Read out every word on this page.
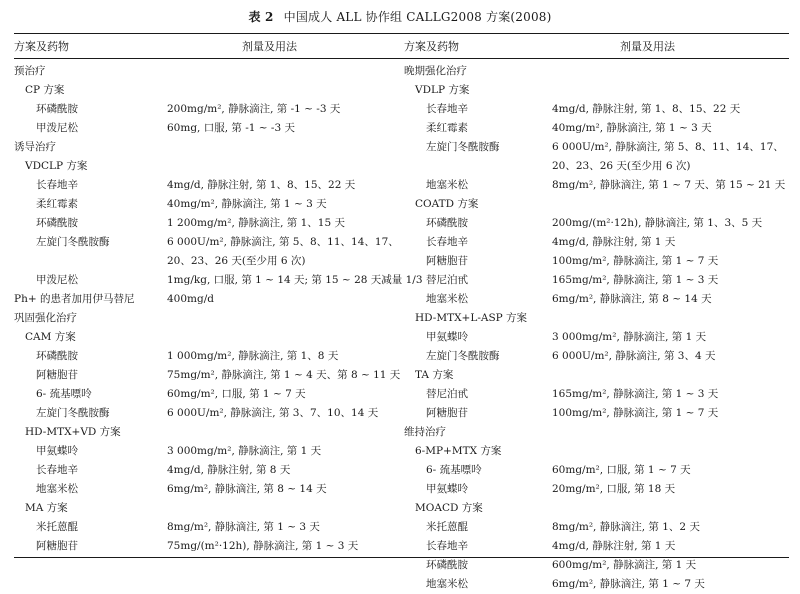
表 2 中国成人 ALL 协作组 CALLG2008 方案(2008)
方案及药物	剂量及用法
预治疗
CP 方案
环磷酰胺	200mg/m², 静脉滴注, 第 -1 ~ -3 天
甲泼尼松	60mg, 口服, 第 -1 ~ -3 天
诱导治疗
VDCLP 方案
长春地辛	4mg/d, 静脉注射, 第 1、8、15、22 天
柔红霉素	40mg/m², 静脉滴注, 第 1 ~ 3 天
环磷酰胺	1 200mg/m², 静脉滴注, 第 1、15 天
左旋门冬酰胺酶	6 000U/m², 静脉滴注, 第 5、8、11、14、17、20、23、26 天(至少用 6 次)
甲泼尼松	1mg/kg, 口服, 第 1 ~ 14 天; 第 15 ~ 28 天减量 1/3
Ph+ 的患者加用伊马替尼	400mg/d
巩固强化治疗
CAM 方案
环磷酰胺	1 000mg/m², 静脉滴注, 第 1、8 天
阿糖胞苷	75mg/m², 静脉滴注, 第 1 ~ 4 天、第 8 ~ 11 天
6- 巯基嘌呤	60mg/m², 口服, 第 1 ~ 7 天
左旋门冬酰胺酶	6 000U/m², 静脉滴注, 第 3、7、10、14 天
HD-MTX+VD 方案
甲氨蝶呤	3 000mg/m², 静脉滴注, 第 1 天
长春地辛	4mg/d, 静脉注射, 第 8 天
地塞米松	6mg/m², 静脉滴注, 第 8 ~ 14 天
MA 方案
米托蒽醌	8mg/m², 静脉滴注, 第 1 ~ 3 天
阿糖胞苷	75mg/(m²·12h), 静脉滴注, 第 1 ~ 3 天
方案及药物	剂量及用法
晚期强化治疗
VDLP 方案
长春地辛	4mg/d, 静脉注射, 第 1、8、15、22 天
柔红霉素	40mg/m², 静脉滴注, 第 1 ~ 3 天
左旋门冬酰胺酶	6 000U/m², 静脉滴注, 第 5、8、11、14、17、20、23、26 天(至少用 6 次)
地塞米松	8mg/m², 静脉滴注, 第 1 ~ 7 天、第 15 ~ 21 天
COATD 方案
环磷酰胺	200mg/(m²·12h), 静脉滴注, 第 1、3、5 天
长春地辛	4mg/d, 静脉注射, 第 1 天
阿糖胞苷	100mg/m², 静脉滴注, 第 1 ~ 7 天
替尼泊甙	165mg/m², 静脉滴注, 第 1 ~ 3 天
地塞米松	6mg/m², 静脉滴注, 第 8 ~ 14 天
HD-MTX+L-ASP 方案
甲氨蝶呤	3 000mg/m², 静脉滴注, 第 1 天
左旋门冬酰胺酶	6 000U/m², 静脉滴注, 第 3、4 天
TA 方案
替尼泊甙	165mg/m², 静脉滴注, 第 1 ~ 3 天
阿糖胞苷	100mg/m², 静脉滴注, 第 1 ~ 7 天
维持治疗
6-MP+MTX 方案
6- 巯基嘌呤	60mg/m², 口服, 第 1 ~ 7 天
甲氨蝶呤	20mg/m², 口服, 第 18 天
MOACD 方案
米托蒽醌	8mg/m², 静脉滴注, 第 1、2 天
长春地辛	4mg/d, 静脉注射, 第 1 天
环磷酰胺	600mg/m², 静脉滴注, 第 1 天
地塞米松	6mg/m², 静脉滴注, 第 1 ~ 7 天
